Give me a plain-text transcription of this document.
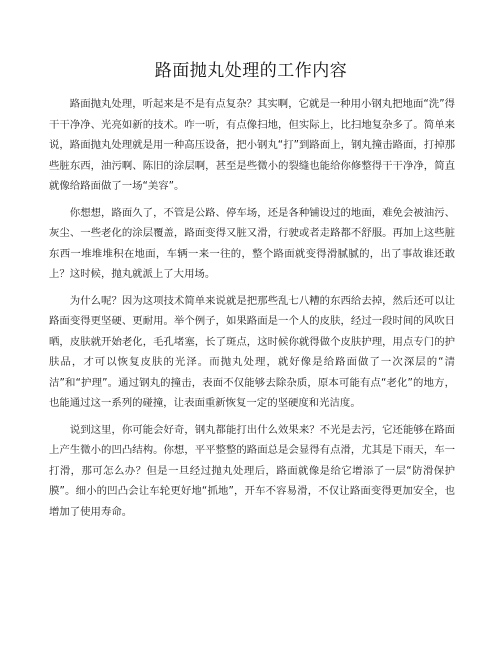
路面抛丸处理的工作内容

路面抛丸处理，听起来是不是有点复杂？其实啊，它就是一种用小钢丸把地面“洗”得干干净净、光亮如新的技术。咋一听，有点像扫地，但实际上，比扫地复杂多了。简单来说，路面抛丸处理就是用一种高压设备，把小钢丸“打”到路面上，钢丸撞击路面，打掉那些脏东西，油污啊、陈旧的涂层啊，甚至是些微小的裂缝也能给你修整得干干净净，简直就像给路面做了一场“美容”。

你想想，路面久了，不管是公路、停车场，还是各种铺设过的地面，难免会被油污、灰尘、一些老化的涂层覆盖，路面变得又脏又滑，行驶或者走路都不舒服。再加上这些脏东西一堆堆堆积在地面，车辆一来一往的，整个路面就变得滑腻腻的，出了事故谁还敢上？这时候，抛丸就派上了大用场。

为什么呢？因为这项技术简单来说就是把那些乱七八糟的东西给去掉，然后还可以让路面变得更坚硬、更耐用。举个例子，如果路面是一个人的皮肤，经过一段时间的风吹日晒，皮肤就开始老化，毛孔堵塞，长了斑点，这时候你就得做个皮肤护理，用点专门的护肤品，才可以恢复皮肤的光泽。而抛丸处理，就好像是给路面做了一次深层的“清洁”和“护理”。通过钢丸的撞击，表面不仅能够去除杂质，原本可能有点“老化”的地方，也能通过这一系列的碰撞，让表面重新恢复一定的坚硬度和光洁度。

说到这里，你可能会好奇，钢丸都能打出什么效果来？不光是去污，它还能够在路面上产生微小的凹凸结构。你想，平平整整的路面总是会显得有点滑，尤其是下雨天，车一打滑，那可怎么办？但是一旦经过抛丸处理后，路面就像是给它增添了一层“防滑保护膜”。细小的凹凸会让车轮更好地“抓地”，开车不容易滑，不仅让路面变得更加安全，也增加了使用寿命。
